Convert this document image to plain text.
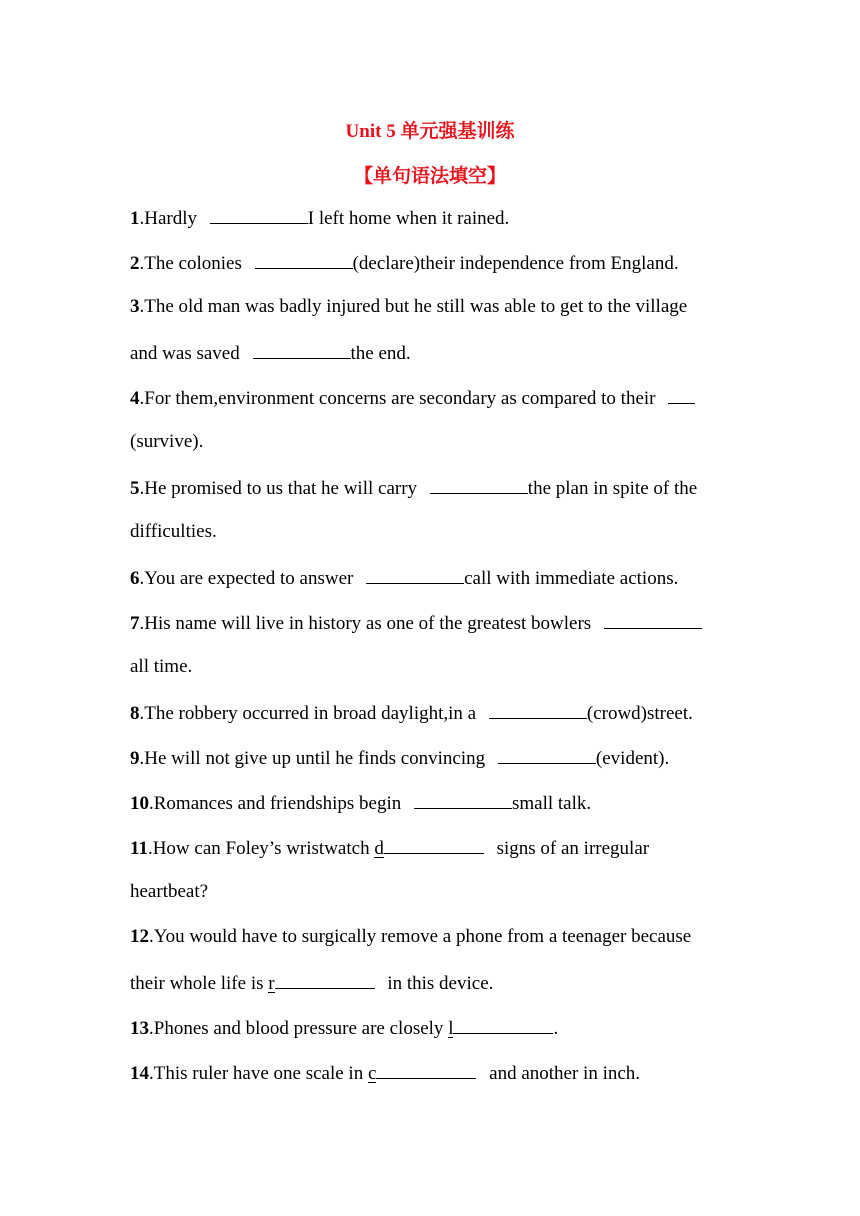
Unit 5 单元强基训练
【单句语法填空】
1.Hardly	I left home when it rained.
2.The colonies	(declare)their independence from England.
3.The old man was badly injured but he still was able to get to the village
and was saved	the end.
4.For them,environment concerns are secondary as compared to their
(survive).
5.He promised to us that he will carry	the plan in spite of the
difficulties.
6.You are expected to answer	call with immediate actions.
7.His name will live in history as one of the greatest bowlers
all time.
8.The robbery occurred in broad daylight,in a	(crowd)street.
9.He will not give up until he finds convincing	(evident).
10.Romances and friendships begin	small talk.
11.How can Foley’s wristwatch d	signs of an irregular
heartbeat?
12.You would have to surgically remove a phone from a teenager because
their whole life is r	in this device.
13.Phones and blood pressure are closely l	.
14.This ruler have one scale in c	and another in inch.
